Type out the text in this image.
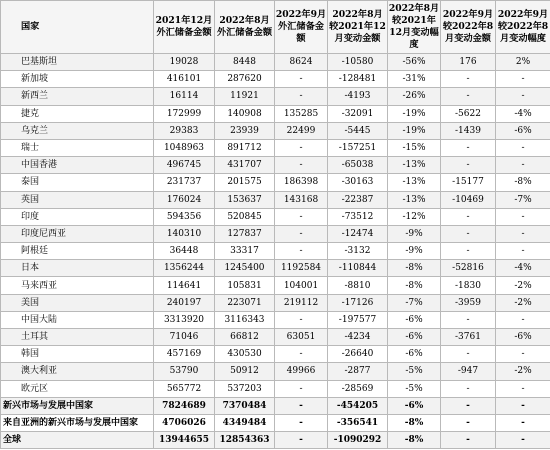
国家	2021年12月外汇储备金额	2022年8月外汇储备金额	2022年9月外汇储备金额	2022年8月较2021年12月变动金额	2022年8月较2021年12月变动幅度	2022年9月较2022年8月变动金额	2022年9月较2022年8月变动幅度
巴基斯坦	19028	8448	8624	-10580	-56%	176	2%
新加坡	416101	287620	-	-128481	-31%	-	-
新西兰	16114	11921	-	-4193	-26%	-	-
捷克	172999	140908	135285	-32091	-19%	-5622	-4%
乌克兰	29383	23939	22499	-5445	-19%	-1439	-6%
瑞士	1048963	891712	-	-157251	-15%	-	-
中国香港	496745	431707	-	-65038	-13%	-	-
泰国	231737	201575	186398	-30163	-13%	-15177	-8%
英国	176024	153637	143168	-22387	-13%	-10469	-7%
印度	594356	520845	-	-73512	-12%	-	-
印度尼西亚	140310	127837	-	-12474	-9%	-	-
阿根廷	36448	33317	-	-3132	-9%	-	-
日本	1356244	1245400	1192584	-110844	-8%	-52816	-4%
马来西亚	114641	105831	104001	-8810	-8%	-1830	-2%
美国	240197	223071	219112	-17126	-7%	-3959	-2%
中国大陆	3313920	3116343	-	-197577	-6%	-	-
土耳其	71046	66812	63051	-4234	-6%	-3761	-6%
韩国	457169	430530	-	-26640	-6%	-	-
澳大利亚	53790	50912	49966	-2877	-5%	-947	-2%
欧元区	565772	537203	-	-28569	-5%	-	-
新兴市场与发展中国家	7824689	7370484	-	-454205	-6%	-	-
来自亚洲的新兴市场与发展中国家	4706026	4349484	-	-356541	-8%	-	-
全球	13944655	12854363	-	-1090292	-8%	-	-
